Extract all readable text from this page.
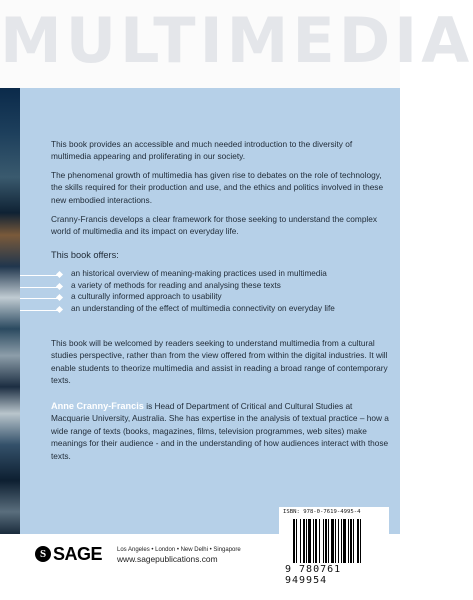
MULTIMEDIA

This book provides an accessible and much needed introduction to the diversity of multimedia appearing and proliferating in our society.

The phenomenal growth of multimedia has given rise to debates on the role of technology, the skills required for their production and use, and the ethics and politics involved in these new embodied interactions.

Cranny-Francis develops a clear framework for those seeking to understand the complex world of multimedia and its impact on everyday life.

This book offers:

an historical overview of meaning-making practices used in multimedia
a variety of methods for reading and analysing these texts
a culturally informed approach to usability
an understanding of the effect of multimedia connectivity on everyday life

This book will be welcomed by readers seeking to understand multimedia from a cultural studies perspective, rather than from the view offered from within the digital industries. It will enable students to theorize multimedia and assist in reading a broad range of contemporary texts.

Anne Cranny-Francis is Head of Department of Critical and Cultural Studies at Macquarie University, Australia. She has expertise in the analysis of textual practice – how a wide range of texts (books, magazines, films, television programmes, web sites) make meanings for their audience - and in the understanding of how audiences interact with those texts.

S SAGE Los Angeles • London • New Delhi • Singapore
www.sagepublications.com
ISBN: 978-0-7619-4995-4
9 780761 949954
